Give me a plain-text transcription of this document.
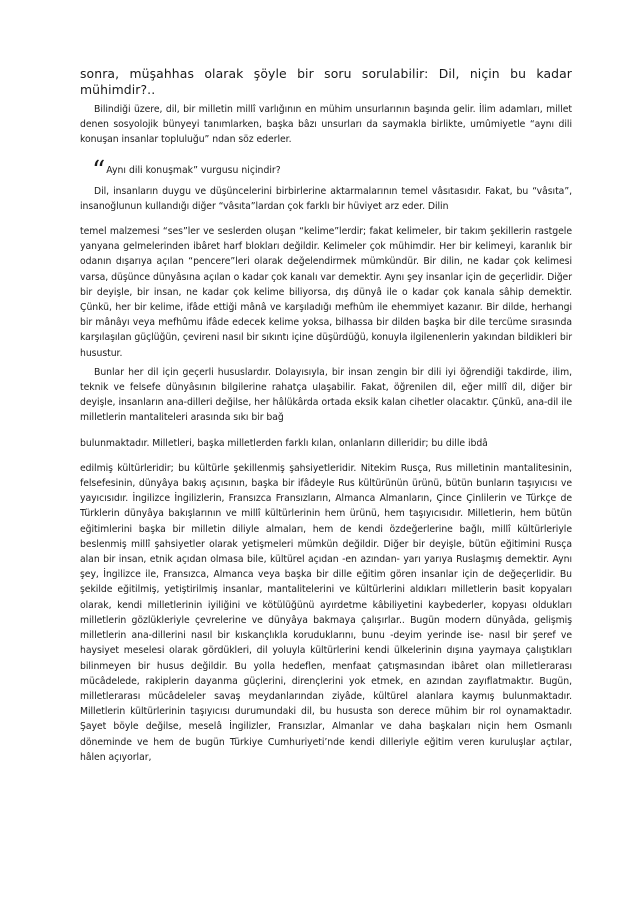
sonra, müşahhas olarak şöyle bir soru sorulabilir: Dil, niçin bu kadar mühimdir?..

Bilindiği üzere, dil, bir milletin millî varlığının en mühim unsurlarının başında gelir. İlim adamları, millet denen sosyolojik bünyeyi tanımlarken, başka bâzı unsurları da saymakla birlikte, umûmiyetle “aynı dili konuşan insanlar topluluğu” ndan söz ederler.

“Aynı dili konuşmak” vurgusu niçindir?

Dil, insanların duygu ve düşüncelerini birbirlerine aktarmalarının temel vâsıtasıdır. Fakat, bu “vâsıta”, insanoğlunun kullandığı diğer “vâsıta”lardan çok farklı bir hüviyet arz eder. Dilin

temel malzemesi “ses”ler ve seslerden oluşan “kelime”lerdir; fakat kelimeler, bir takım şekillerin rastgele yanyana gelmelerinden ibâret harf blokları değildir. Kelimeler çok mühimdir. Her bir kelimeyi, karanlık bir odanın dışarıya açılan “pencere”leri olarak değelendirmek mümkündür. Bir dilin, ne kadar çok kelimesi varsa, düşünce dünyâsına açılan o kadar çok kanalı var demektir. Aynı şey insanlar için de geçerlidir. Diğer bir deyişle, bir insan, ne kadar çok kelime biliyorsa, dış dünyâ ile o kadar çok kanala sâhip demektir. Çünkü, her bir kelime, ifâde ettiği mânâ ve karşıladığı mefhûm ile ehemmiyet kazanır. Bir dilde, herhangi bir mânâyı veya mefhûmu ifâde edecek kelime yoksa, bilhassa bir dilden başka bir dile tercüme sırasında karşılaşılan güçlüğün, çevireni nasıl bir sıkıntı içine düşürdüğü, konuyla ilgilenenlerin yakından bildikleri bir husustur.

Bunlar her dil için geçerli hususlardır. Dolayısıyla, bir insan zengin bir dili iyi öğrendiği takdirde, ilim, teknik ve felsefe dünyâsının bilgilerine rahatça ulaşabilir. Fakat, öğrenilen dil, eğer millî dil, diğer bir deyişle, insanların ana-dilleri değilse, her hâlükârda ortada eksik kalan cihetler olacaktır. Çünkü, ana-dil ile milletlerin mantaliteleri arasında sıkı bir bağ

bulunmaktadır. Milletleri, başka milletlerden farklı kılan, onlanların dilleridir; bu dille ibdâ

edilmiş kültürleridir; bu kültürle şekillenmiş şahsiyetleridir. Nitekim Rusça, Rus milletinin mantalitesinin, felsefesinin, dünyâya bakış açısının, başka bir ifâdeyle Rus kültürünün ürünü, bütün bunların taşıyıcısı ve yayıcısıdır. İngilizce İngilizlerin, Fransızca Fransızların, Almanca Almanların, Çince Çinlilerin ve Türkçe de Türklerin dünyâya bakışlarının ve millî kültürlerinin hem ürünü, hem taşıyıcısıdır. Milletlerin, hem bütün eğitimlerini başka bir milletin diliyle almaları, hem de kendi özdeğerlerine bağlı, millî kültürleriyle beslenmiş millî şahsiyetler olarak yetişmeleri mümkün değildir. Diğer bir deyişle, bütün eğitimini Rusça alan bir insan, etnik açıdan olmasa bile, kültürel açıdan -en azından- yarı yarıya Ruslaşmış demektir. Aynı şey, İngilizce ile, Fransızca, Almanca veya başka bir dille eğitim gören insanlar için de değeçerlidir. Bu şekilde eğitilmiş, yetiştirilmiş insanlar, mantalitelerini ve kültürlerini aldıkları milletlerin basit kopyaları olarak, kendi milletlerinin iyiliğini ve kötülüğünü ayırdetme kâbiliyetini kaybederler, kopyası oldukları milletlerin gözlükleriyle çevrelerine ve dünyâya bakmaya çalışırlar.. Bugün modern dünyâda, gelişmiş milletlerin ana-dillerini nasıl bir kıskançlıkla koruduklarını, bunu -deyim yerinde ise- nasıl bir şeref ve haysiyet meselesi olarak gördükleri, dil yoluyla kültürlerini kendi ülkelerinin dışına yaymaya çalıştıkları bilinmeyen bir husus değildir. Bu yolla hedeflen, menfaat çatışmasından ibâret olan milletlerarası mücâdelede, rakiplerin dayanma güçlerini, dirençlerini yok etmek, en azından zayıflatmaktır. Bugün, milletlerarası mücâdeleler savaş meydanlarından ziyâde, kültürel alanlara kaymış bulunmaktadır. Milletlerin kültürlerinin taşıyıcısı durumundaki dil, bu hususta son derece mühim bir rol oynamaktadır. Şayet böyle değilse, meselâ İngilizler, Fransızlar, Almanlar ve daha başkaları niçin hem Osmanlı döneminde ve hem de bugün Türkiye Cumhuriyeti’nde kendi dilleriyle eğitim veren kuruluşlar açtılar, hâlen açıyorlar,
